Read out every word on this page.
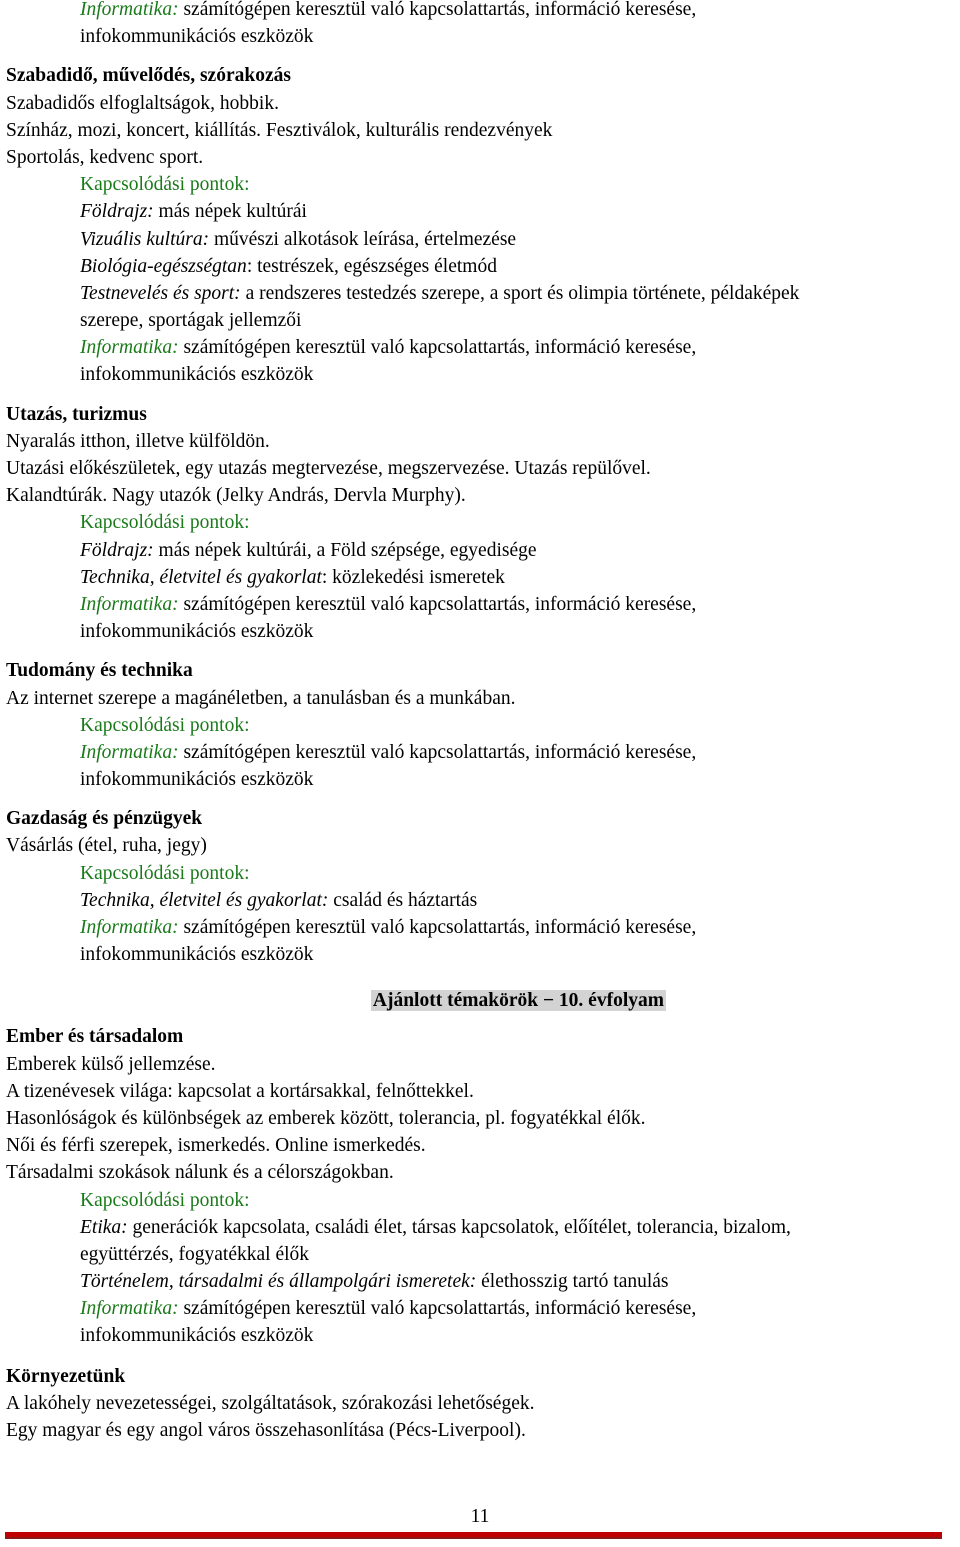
Informatika: számítógépen keresztül való kapcsolattartás, információ keresése,
infokommunikációs eszközök
Szabadidő, művelődés, szórakozás
Szabadidős elfoglaltságok, hobbik.
Színház, mozi, koncert, kiállítás. Fesztiválok, kulturális rendezvények
Sportolás, kedvenc sport.
Kapcsolódási pontok:
Földrajz: más népek kultúrái
Vizuális kultúra: művészi alkotások leírása, értelmezése
Biológia-egészségtan: testrészek, egészséges életmód
Testnevelés és sport: a rendszeres testedzés szerepe, a sport és olimpia története, példaképek
szerepe, sportágak jellemzői
Informatika: számítógépen keresztül való kapcsolattartás, információ keresése,
infokommunikációs eszközök
Utazás, turizmus
Nyaralás itthon, illetve külföldön.
Utazási előkészületek, egy utazás megtervezése, megszervezése. Utazás repülővel.
Kalandtúrák. Nagy utazók (Jelky András, Dervla Murphy).
Kapcsolódási pontok:
Földrajz: más népek kultúrái, a Föld szépsége, egyedisége
Technika, életvitel és gyakorlat: közlekedési ismeretek
Informatika: számítógépen keresztül való kapcsolattartás, információ keresése,
infokommunikációs eszközök
Tudomány és technika
Az internet szerepe a magánéletben, a tanulásban és a munkában.
Kapcsolódási pontok:
Informatika: számítógépen keresztül való kapcsolattartás, információ keresése,
infokommunikációs eszközök
Gazdaság és pénzügyek
Vásárlás (étel, ruha, jegy)
Kapcsolódási pontok:
Technika, életvitel és gyakorlat: család és háztartás
Informatika: számítógépen keresztül való kapcsolattartás, információ keresése,
infokommunikációs eszközök
Ajánlott témakörök − 10. évfolyam
Ember és társadalom
Emberek külső jellemzése.
A tizenévesek világa: kapcsolat a kortársakkal, felnőttekkel.
Hasonlóságok és különbségek az emberek között, tolerancia, pl. fogyatékkal élők.
Női és férfi szerepek, ismerkedés. Online ismerkedés.
Társadalmi szokások nálunk és a célországokban.
Kapcsolódási pontok:
Etika: generációk kapcsolata, családi élet, társas kapcsolatok, előítélet, tolerancia, bizalom,
együttérzés, fogyatékkal élők
Történelem, társadalmi és állampolgári ismeretek: élethosszig tartó tanulás
Informatika: számítógépen keresztül való kapcsolattartás, információ keresése,
infokommunikációs eszközök
Környezetünk
A lakóhely nevezetességei, szolgáltatások, szórakozási lehetőségek.
Egy magyar és egy angol város összehasonlítása (Pécs-Liverpool).
11
